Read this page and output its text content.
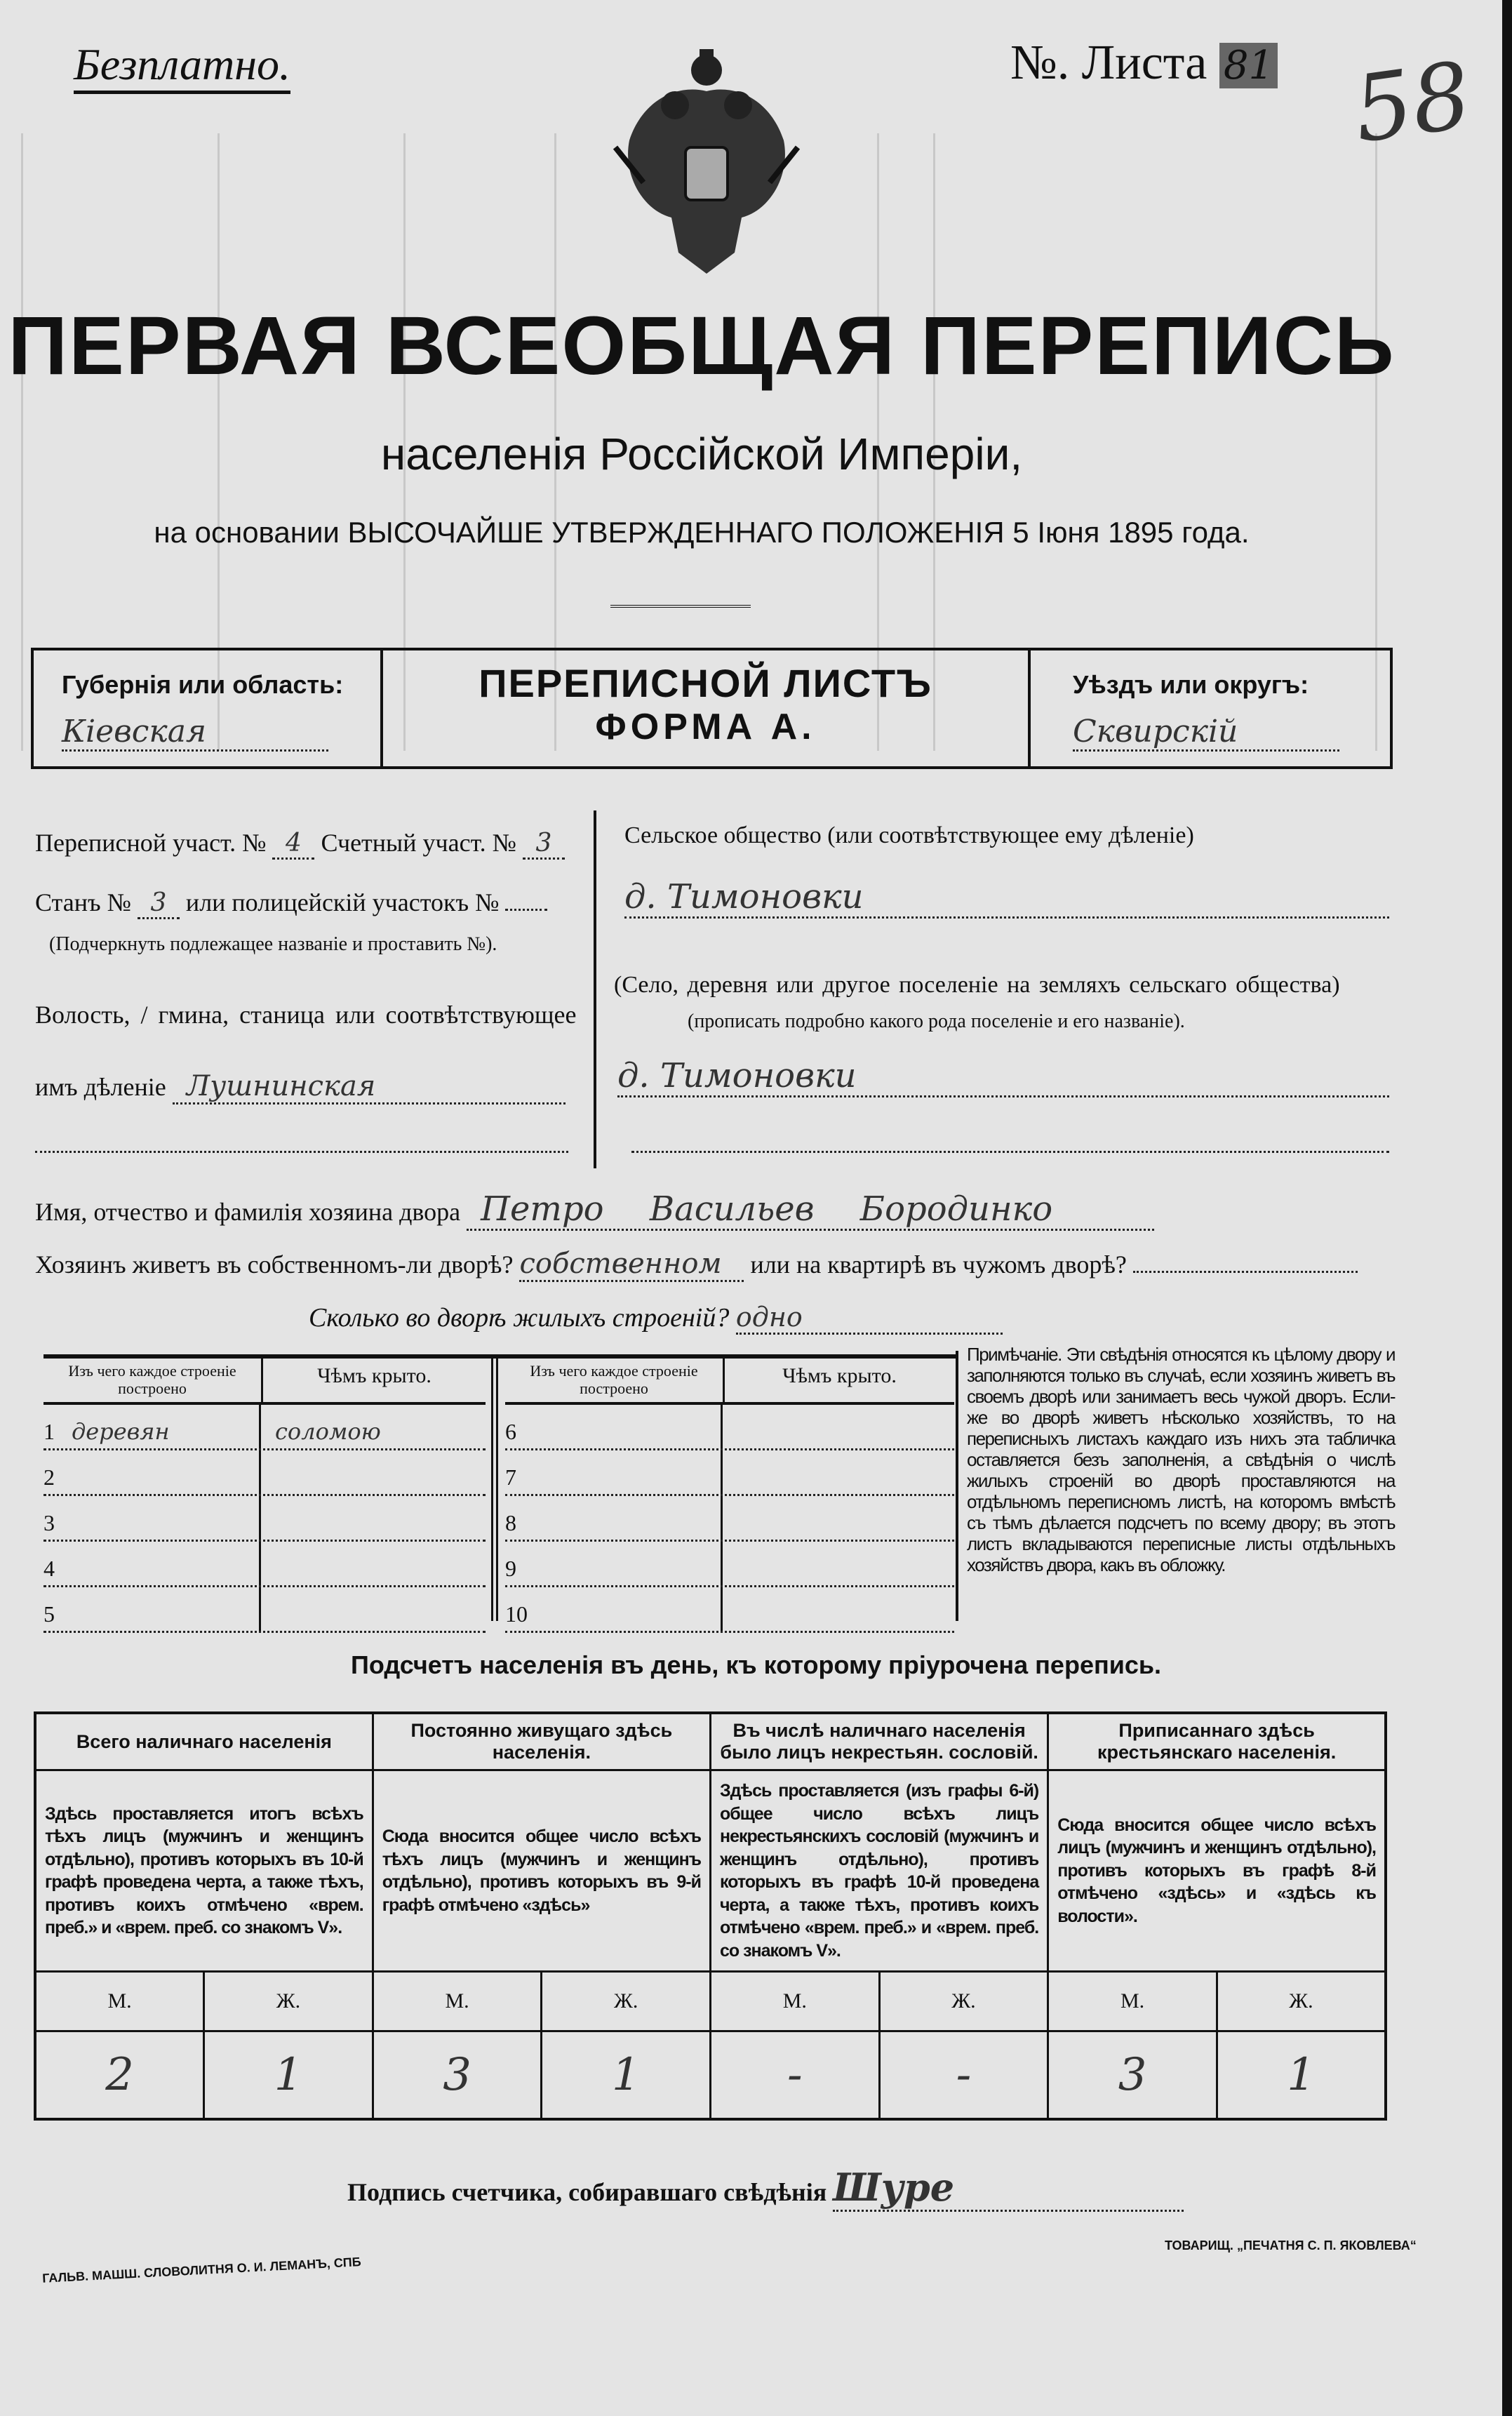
Безплатно.	№. Листа 81 58
ПЕРВАЯ ВСЕОБЩАЯ ПЕРЕПИСЬ
населенія Россійской Имперіи,
на основании ВЫСОЧАЙШЕ УТВЕРЖДЕННАГО ПОЛОЖЕНІЯ 5 Іюня 1895 года.
Губернія или область:
Кіевская
ПЕРЕПИСНОЙ ЛИСТЪ
ФОРМА А.
Уѣздъ или округъ:
Сквирскій
Переписной участ. № 4 Счетный участ. № 3
Станъ № 3 или полицейскій участокъ №
(Подчеркнуть подлежащее названіе и проставить №).
Волость, / гмина, станица или соотвѣтствующее
имъ дѣленіе Лушнинская
Сельское общество (или соотвѣтствующее ему дѣленіе)
д. Тимоновки
(Село, деревня или другое поселеніе на земляхъ сельскаго общества)
(прописать подробно какого рода поселеніе и его названіе).
д. Тимоновки
Имя, отчество и фамилія хозяина двора Петро Васильев Бородинко
Хозяинъ живетъ въ собственномъ-ли дворѣ? собственном или на квартирѣ въ чужомъ дворѣ?
Сколько во дворѣ жилыхъ строеній? одно
Изъ чего каждое строеніе построено
Чѣмъ крыто.
1 деревян	соломою
2
3
4
5
Изъ чего каждое строеніе построено
Чѣмъ крыто.
6
7
8
9
10
Примѣчаніе. Эти свѣдѣнія относятся къ цѣлому двору и заполняются только въ случаѣ, если хозяинъ живетъ въ своемъ дворѣ или занимаетъ весь чужой дворъ. Если-же во дворѣ живетъ нѣсколько хозяйствъ, то на переписныхъ листахъ каждаго изъ нихъ эта табличка оставляется безъ заполненія, а свѣдѣнія о числѣ жилыхъ строеній во дворѣ проставляются на отдѣльномъ переписномъ листѣ, на которомъ вмѣстѣ съ тѣмъ дѣлается подсчетъ по всему двору; въ этотъ листъ вкладываются переписные листы отдѣльныхъ хозяйствъ двора, какъ въ обложку.
Подсчетъ населенія въ день, къ которому пріурочена перепись.
Всего наличнаго населенія		Постоянно живущаго здѣсь населенія.		Въ числѣ наличнаго населенія было лицъ некрестьян. сословій.		Приписаннаго здѣсь крестьянскаго населенія.	
Здѣсь проставляется итогъ всѣхъ тѣхъ лицъ (мужчинъ и женщинъ отдѣльно), противъ которыхъ въ 10-й графѣ проведена черта, а также тѣхъ, противъ коихъ отмѣчено «врем. преб.» и «врем. преб. со знакомъ V».		Сюда вносится общее число всѣхъ тѣхъ лицъ (мужчинъ и женщинъ отдѣльно), противъ которыхъ въ 9-й графѣ отмѣчено «здѣсь»		Здѣсь проставляется (изъ графы 6-й) общее число всѣхъ лицъ некрестьянскихъ сословій (мужчинъ и женщинъ отдѣльно), противъ которыхъ въ графѣ 10-й проведена черта, а также тѣхъ, противъ коихъ отмѣчено «врем. преб.» и «врем. преб. со знакомъ V».		Сюда вносится общее число всѣхъ лицъ (мужчинъ и женщинъ отдѣльно), противъ которыхъ въ графѣ 8-й отмѣчено «здѣсь» и «здѣсь къ волости».	
М.	Ж.	М.	Ж.	М.	Ж.	М.	Ж.
2	1	3	1	-	-	3	1
Подпись счетчика, собиравшаго свѣдѣнія Шуре
ГАЛЬВ. МАШШ. СЛОВОЛИТНЯ О. И. ЛЕМАНЪ, СПБ
ТОВАРИЩ. „ПЕЧАТНЯ С. П. ЯКОВЛЕВА“
